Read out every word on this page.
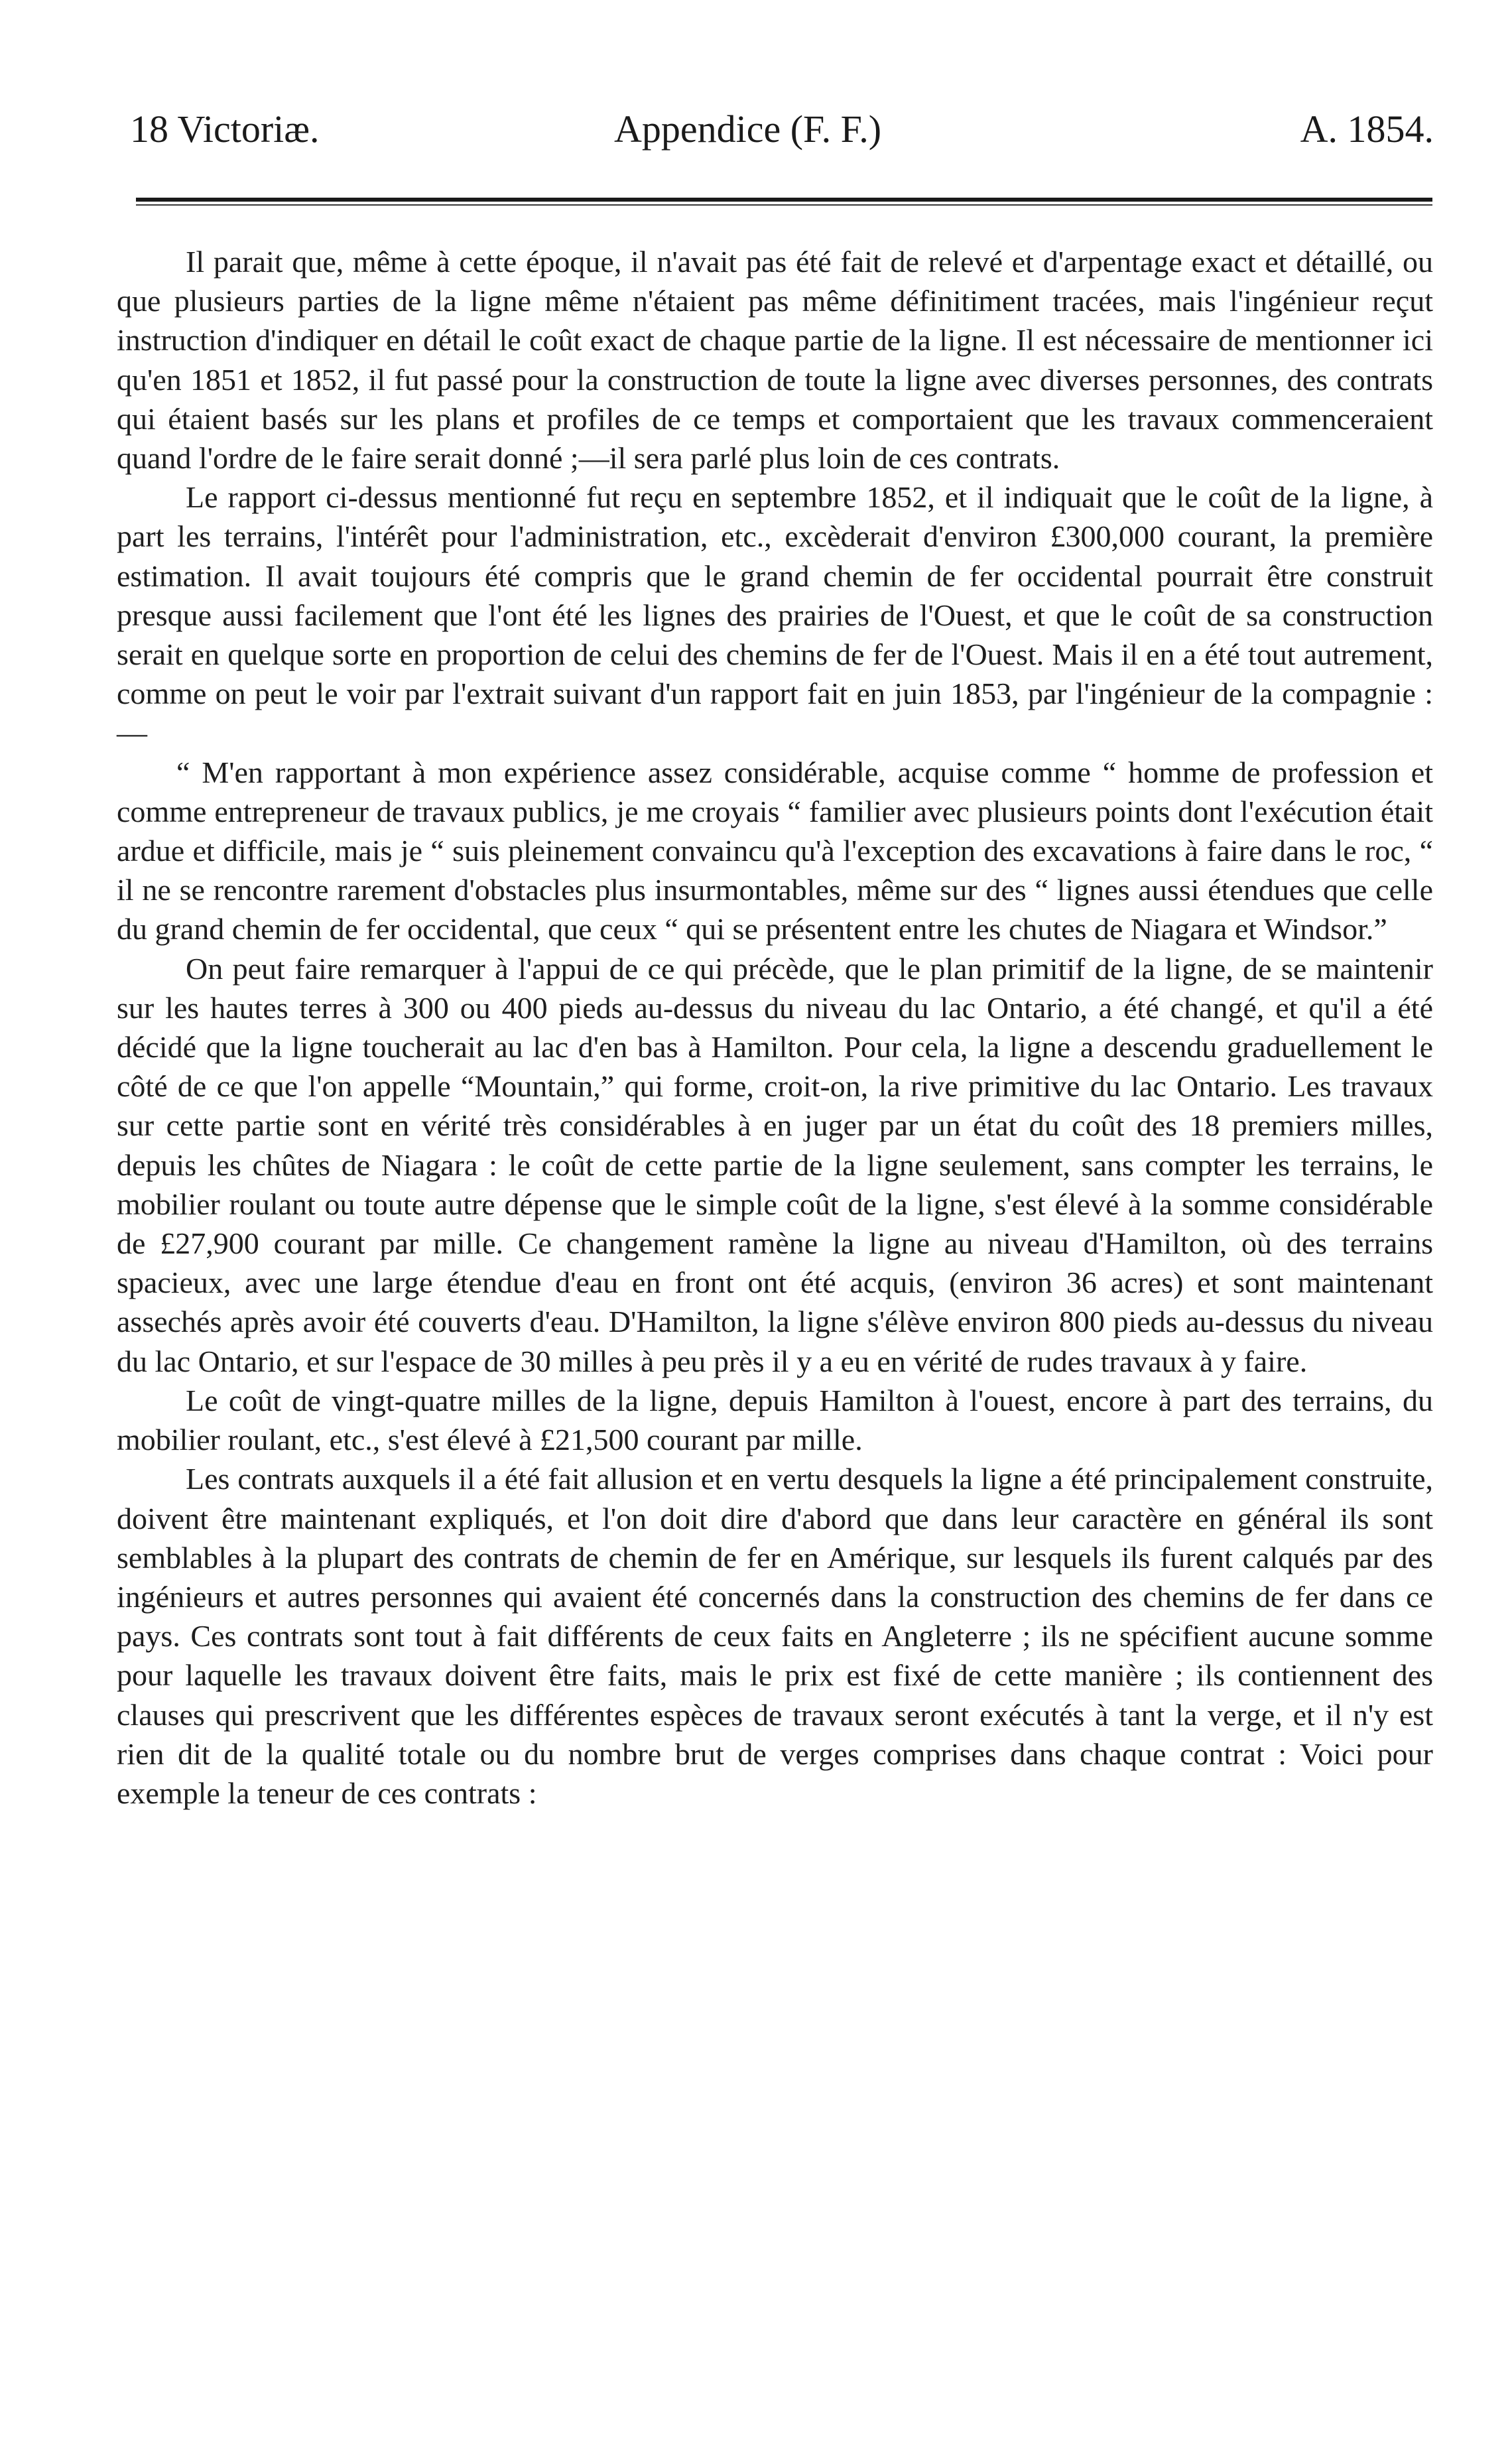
18 Victoriæ.	Appendice (F. F.)	A. 1854.

Il parait que, même à cette époque, il n'avait pas été fait de relevé et d'arpentage exact et détaillé, ou que plusieurs parties de la ligne même n'étaient pas même définitiment tracées, mais l'ingénieur reçut instruction d'indiquer en détail le coût exact de chaque partie de la ligne. Il est nécessaire de mentionner ici qu'en 1851 et 1852, il fut passé pour la construction de toute la ligne avec diverses personnes, des contrats qui étaient basés sur les plans et profiles de ce temps et comportaient que les travaux commenceraient quand l'ordre de le faire serait donné ;—il sera parlé plus loin de ces contrats.

Le rapport ci-dessus mentionné fut reçu en septembre 1852, et il indiquait que le coût de la ligne, à part les terrains, l'intérêt pour l'administration, etc., excèderait d'environ £300,000 courant, la première estimation. Il avait toujours été compris que le grand chemin de fer occidental pourrait être construit presque aussi facilement que l'ont été les lignes des prairies de l'Ouest, et que le coût de sa construction serait en quelque sorte en proportion de celui des chemins de fer de l'Ouest. Mais il en a été tout autrement, comme on peut le voir par l'extrait suivant d'un rapport fait en juin 1853, par l'ingénieur de la compagnie :—

“ M'en rapportant à mon expérience assez considérable, acquise comme “ homme de profession et comme entrepreneur de travaux publics, je me croyais “ familier avec plusieurs points dont l'exécution était ardue et difficile, mais je “ suis pleinement convaincu qu'à l'exception des excavations à faire dans le roc, “ il ne se rencontre rarement d'obstacles plus insurmontables, même sur des “ lignes aussi étendues que celle du grand chemin de fer occidental, que ceux “ qui se présentent entre les chutes de Niagara et Windsor.”

On peut faire remarquer à l'appui de ce qui précède, que le plan primitif de la ligne, de se maintenir sur les hautes terres à 300 ou 400 pieds au-dessus du niveau du lac Ontario, a été changé, et qu'il a été décidé que la ligne toucherait au lac d'en bas à Hamilton. Pour cela, la ligne a descendu graduellement le côté de ce que l'on appelle “Mountain,” qui forme, croit-on, la rive primitive du lac Ontario. Les travaux sur cette partie sont en vérité très considérables à en juger par un état du coût des 18 premiers milles, depuis les chûtes de Niagara : le coût de cette partie de la ligne seulement, sans compter les terrains, le mobilier roulant ou toute autre dépense que le simple coût de la ligne, s'est élevé à la somme considérable de £27,900 courant par mille. Ce changement ramène la ligne au niveau d'Hamilton, où des terrains spacieux, avec une large étendue d'eau en front ont été acquis, (environ 36 acres) et sont maintenant assechés après avoir été couverts d'eau. D'Hamilton, la ligne s'élève environ 800 pieds au-dessus du niveau du lac Ontario, et sur l'espace de 30 milles à peu près il y a eu en vérité de rudes travaux à y faire.

Le coût de vingt-quatre milles de la ligne, depuis Hamilton à l'ouest, encore à part des terrains, du mobilier roulant, etc., s'est élevé à £21,500 courant par mille.

Les contrats auxquels il a été fait allusion et en vertu desquels la ligne a été principalement construite, doivent être maintenant expliqués, et l'on doit dire d'abord que dans leur caractère en général ils sont semblables à la plupart des contrats de chemin de fer en Amérique, sur lesquels ils furent calqués par des ingénieurs et autres personnes qui avaient été concernés dans la construction des chemins de fer dans ce pays. Ces contrats sont tout à fait différents de ceux faits en Angleterre ; ils ne spécifient aucune somme pour laquelle les travaux doivent être faits, mais le prix est fixé de cette manière ; ils contiennent des clauses qui prescrivent que les différentes espèces de travaux seront exécutés à tant la verge, et il n'y est rien dit de la qualité totale ou du nombre brut de verges comprises dans chaque contrat : Voici pour exemple la teneur de ces contrats :
